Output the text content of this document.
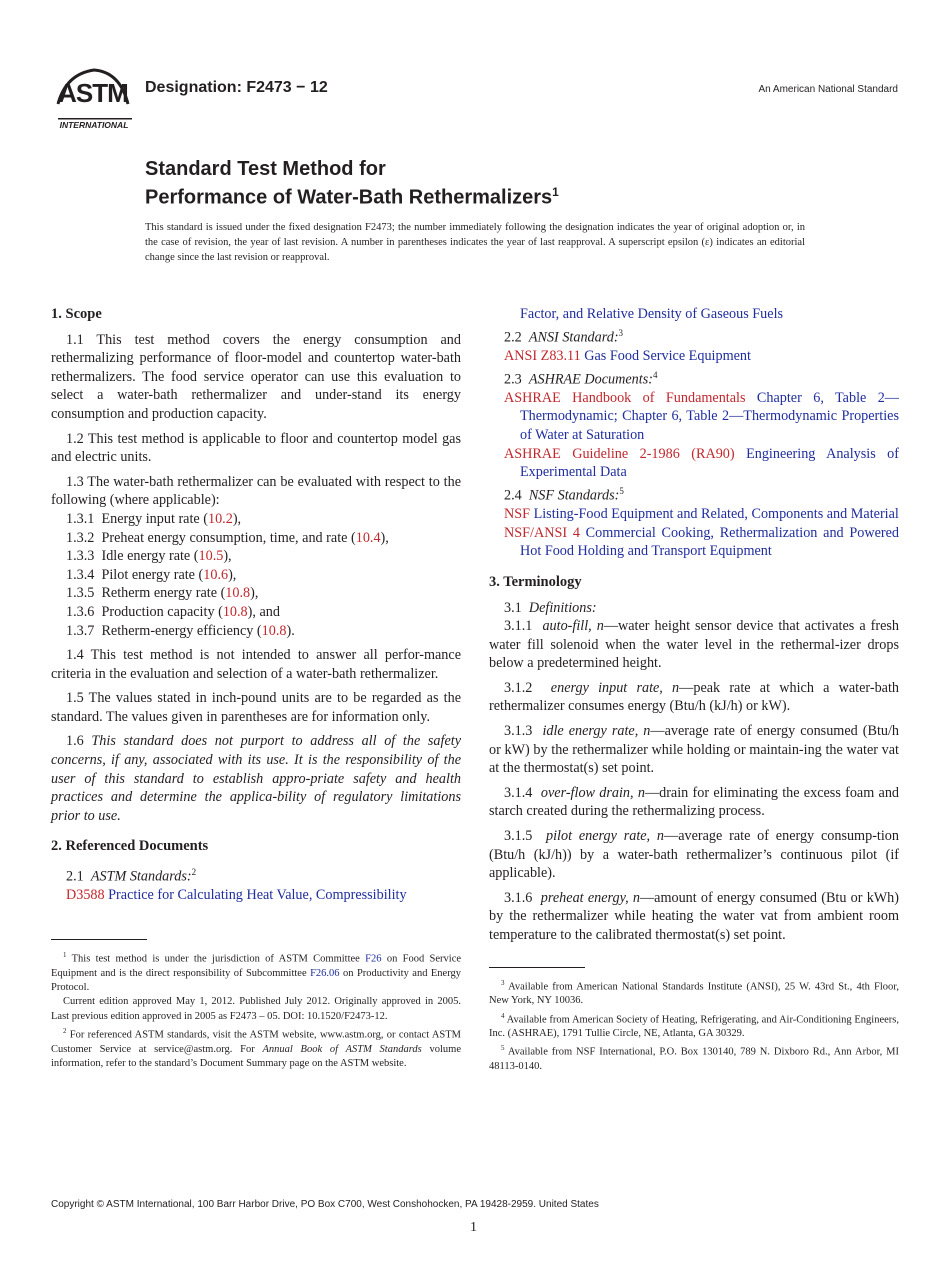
ASTM
INTERNATIONAL
Designation: F2473 − 12	An American National Standard
Standard Test Method for
Performance of Water-Bath Rethermalizers$^1$
This standard is issued under the fixed designation F2473; the number immediately following the designation indicates the year of original adoption or, in the case of revision, the year of last revision. A number in parentheses indicates the year of last reapproval. A superscript epsilon (ε) indicates an editorial change since the last revision or reapproval.
1. Scope

1.1 This test method covers the energy consumption and rethermalizing performance of floor-model and countertop water-bath rethermalizers. The food service operator can use this evaluation to select a water-bath rethermalizer and under-stand its energy consumption and production capacity.

1.2 This test method is applicable to floor and countertop model gas and electric units.

1.3 The water-bath rethermalizer can be evaluated with respect to the following (where applicable):

1.3.1 Energy input rate (10.2),

1.3.2 Preheat energy consumption, time, and rate (10.4),

1.3.3 Idle energy rate (10.5),

1.3.4 Pilot energy rate (10.6),

1.3.5 Retherm energy rate (10.8),

1.3.6 Production capacity (10.8), and

1.3.7 Retherm-energy efficiency (10.8).

1.4 This test method is not intended to answer all perfor-mance criteria in the evaluation and selection of a water-bath rethermalizer.

1.5 The values stated in inch-pound units are to be regarded as the standard. The values given in parentheses are for information only.

1.6 This standard does not purport to address all of the safety concerns, if any, associated with its use. It is the responsibility of the user of this standard to establish appro-priate safety and health practices and determine the applica-bility of regulatory limitations prior to use.

2. Referenced Documents

2.1 ASTM Standards:$^2$

D3588 Practice for Calculating Heat Value, Compressibility

$^1$ This test method is under the jurisdiction of ASTM Committee F26 on Food Service Equipment and is the direct responsibility of Subcommittee F26.06 on Productivity and Energy Protocol.

Current edition approved May 1, 2012. Published July 2012. Originally approved in 2005. Last previous edition approved in 2005 as F2473 – 05. DOI: 10.1520/F2473-12.

$^2$ For referenced ASTM standards, visit the ASTM website, www.astm.org, or contact ASTM Customer Service at service@astm.org. For Annual Book of ASTM Standards volume information, refer to the standard’s Document Summary page on the ASTM website.

Factor, and Relative Density of Gaseous Fuels

2.2 ANSI Standard:$^3$

ANSI Z83.11 Gas Food Service Equipment

2.3 ASHRAE Documents:$^4$

ASHRAE Handbook of Fundamentals Chapter 6, Table 2—Thermodynamic; Chapter 6, Table 2—Thermodynamic Properties of Water at Saturation

ASHRAE Guideline 2-1986 (RA90) Engineering Analysis of Experimental Data

2.4 NSF Standards:$^5$

NSF Listing-Food Equipment and Related, Components and Material

NSF/ANSI 4 Commercial Cooking, Rethermalization and Powered Hot Food Holding and Transport Equipment

3. Terminology

3.1 Definitions:

3.1.1 auto-fill, n—water height sensor device that activates a fresh water fill solenoid when the water level in the rethermal-izer drops below a predetermined height.

3.1.2 energy input rate, n—peak rate at which a water-bath rethermalizer consumes energy (Btu/h (kJ/h) or kW).

3.1.3 idle energy rate, n—average rate of energy consumed (Btu/h or kW) by the rethermalizer while holding or maintain-ing the water vat at the thermostat(s) set point.

3.1.4 over-flow drain, n—drain for eliminating the excess foam and starch created during the rethermalizing process.

3.1.5 pilot energy rate, n—average rate of energy consump-tion (Btu/h (kJ/h)) by a water-bath rethermalizer’s continuous pilot (if applicable).

3.1.6 preheat energy, n—amount of energy consumed (Btu or kWh) by the rethermalizer while heating the water vat from ambient room temperature to the calibrated thermostat(s) set point.

$^3$ Available from American National Standards Institute (ANSI), 25 W. 43rd St., 4th Floor, New York, NY 10036.

$^4$ Available from American Society of Heating, Refrigerating, and Air-Conditioning Engineers, Inc. (ASHRAE), 1791 Tullie Circle, NE, Atlanta, GA 30329.

$^5$ Available from NSF International, P.O. Box 130140, 789 N. Dixboro Rd., Ann Arbor, MI 48113-0140.

Copyright © ASTM International, 100 Barr Harbor Drive, PO Box C700, West Conshohocken, PA 19428-2959. United States
1
